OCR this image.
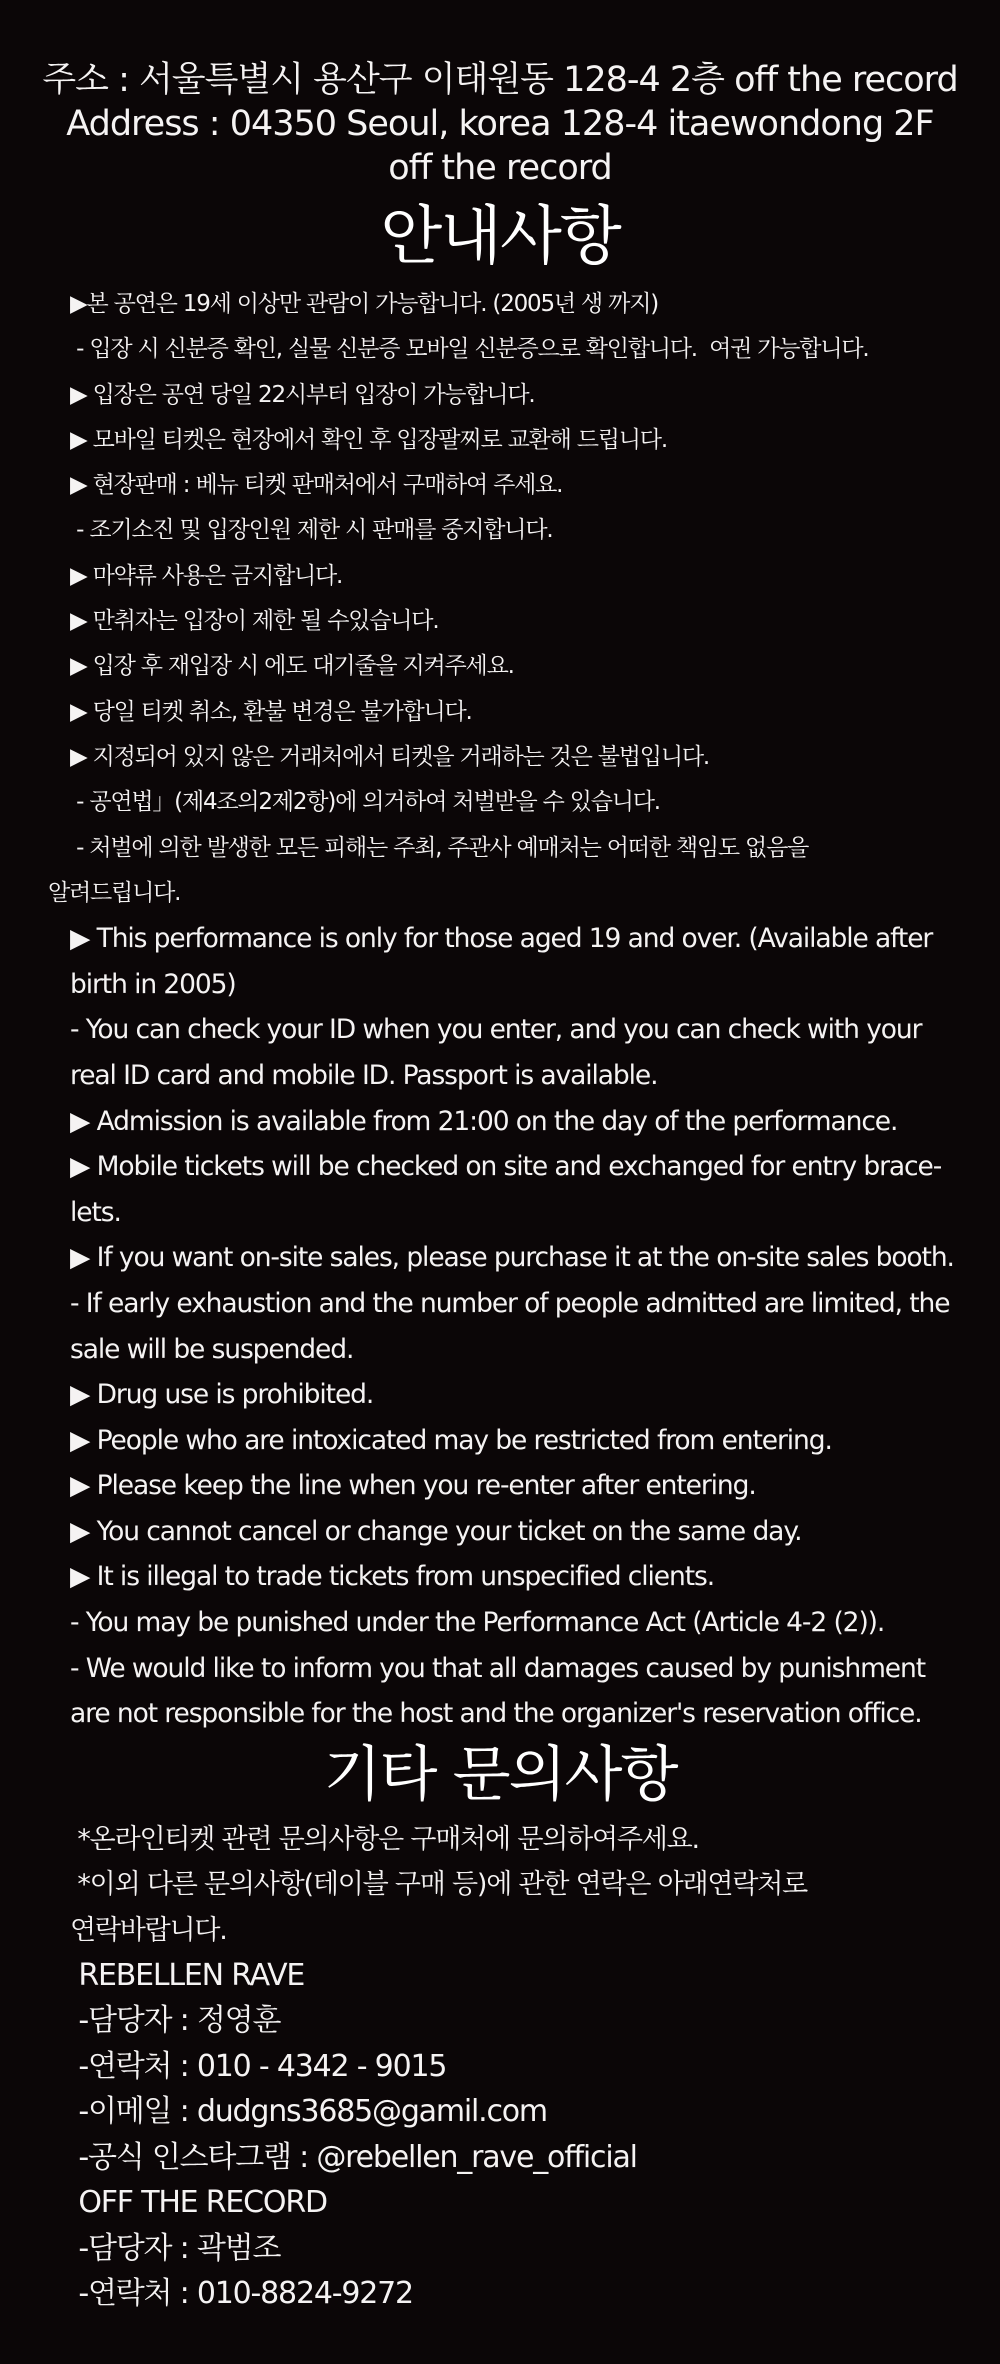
주소 : 서울특별시 용산구 이태원동 128-4 2층 off the record
Address : 04350 Seoul, korea 128-4 itaewondong 2F
off the record
안내사항
▶본 공연은 19세 이상만 관람이 가능합니다. (2005년 생 까지)
- 입장 시 신분증 확인, 실물 신분증 모바일 신분증으로 확인합니다.  여권 가능합니다.
▶ 입장은 공연 당일 22시부터 입장이 가능합니다.
▶ 모바일 티켓은 현장에서 확인 후 입장팔찌로 교환해 드립니다.
▶ 현장판매 : 베뉴 티켓 판매처에서 구매하여 주세요.
- 조기소진 및 입장인원 제한 시 판매를 중지합니다.
▶ 마약류 사용은 금지합니다.
▶ 만취자는 입장이 제한 될 수있습니다.
▶ 입장 후 재입장 시 에도 대기줄을 지켜주세요.
▶ 당일 티켓 취소, 환불 변경은 불가합니다.
▶ 지정되어 있지 않은 거래처에서 티켓을 거래하는 것은 불법입니다.
- 공연법」(제4조의2제2항)에 의거하여 처벌받을 수 있습니다.
- 처벌에 의한 발생한 모든 피해는 주최, 주관사 예매처는 어떠한 책임도 없음을
알려드립니다.
▶ This performance is only for those aged 19 and over. (Available after
birth in 2005)
- You can check your ID when you enter, and you can check with your
real ID card and mobile ID. Passport is available.
▶ Admission is available from 21:00 on the day of the performance.
▶ Mobile tickets will be checked on site and exchanged for entry brace-
lets.
▶ If you want on-site sales, please purchase it at the on-site sales booth.
- If early exhaustion and the number of people admitted are limited, the
sale will be suspended.
▶ Drug use is prohibited.
▶ People who are intoxicated may be restricted from entering.
▶ Please keep the line when you re-enter after entering.
▶ You cannot cancel or change your ticket on the same day.
▶ It is illegal to trade tickets from unspecified clients.
- You may be punished under the Performance Act (Article 4-2 (2)).
- We would like to inform you that all damages caused by punishment
are not responsible for the host and the organizer's reservation office.
기타 문의사항
*온라인티켓 관련 문의사항은 구매처에 문의하여주세요.
*이외 다른 문의사항(테이블 구매 등)에 관한 연락은 아래연락처로
연락바랍니다.
REBELLEN RAVE
-담당자 : 정영훈
-연락처 : 010 - 4342 - 9015
-이메일 : dudgns3685@gamil.com
-공식 인스타그램 : @rebellen_rave_official
OFF THE RECORD
-담당자 : 곽범조
-연락처 : 010-8824-9272
